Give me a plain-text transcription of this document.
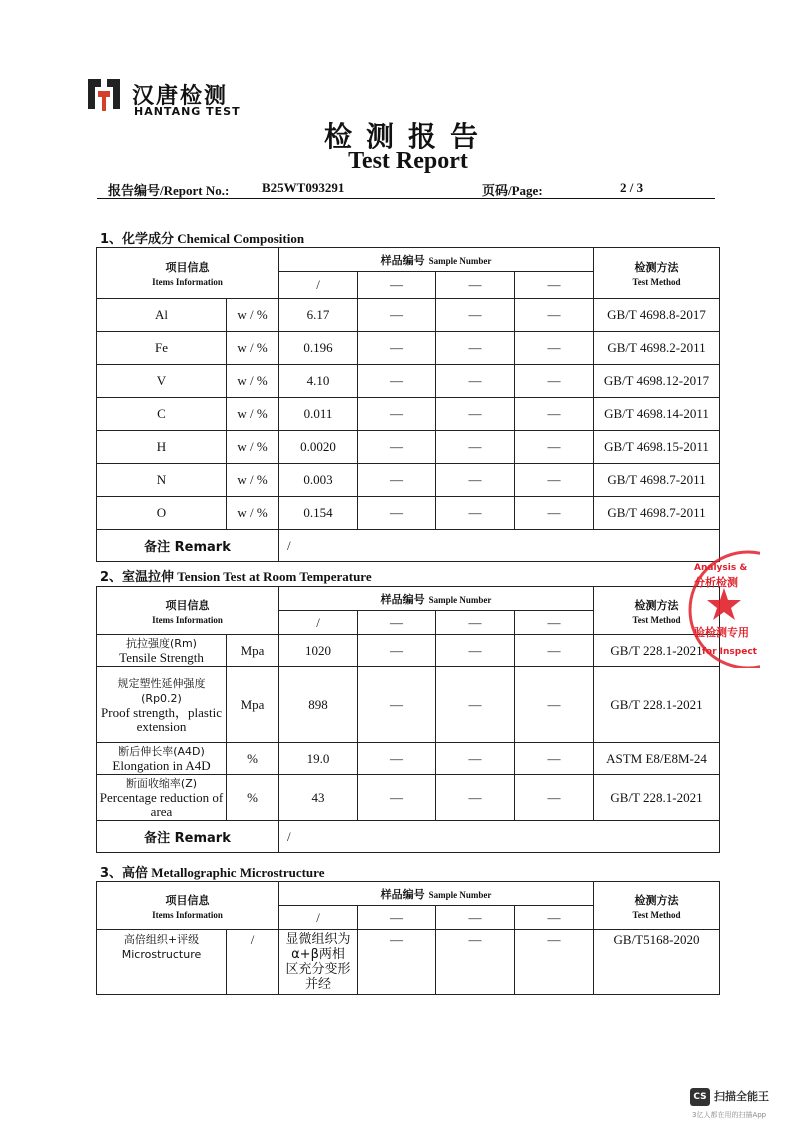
汉唐检测
HANTANG TEST
检测报告
Test Report
报告编号/Report No.:	B25WT093291	页码/Page:	2 / 3
1、化学成分 Chemical Composition
项目信息
Items Information		样品编号 Sample Number				检测方法
Test Method

		/	—	—	—	
Al	w / %	6.17	—	—	—	GB/T 4698.8-2017
Fe	w / %	0.196	—	—	—	GB/T 4698.2-2011
V	w / %	4.10	—	—	—	GB/T 4698.12-2017
C	w / %	0.011	—	—	—	GB/T 4698.14-2011
H	w / %	0.0020	—	—	—	GB/T 4698.15-2011
N	w / %	0.003	—	—	—	GB/T 4698.7-2011
O	w / %	0.154	—	—	—	GB/T 4698.7-2011
备注 Remark		/				
2、室温拉伸 Tension Test at Room Temperature
项目信息
Items Information		样品编号 Sample Number				检测方法
Test Method

		/	—	—	—	
抗拉强度(Rm)
Tensile Strength	Mpa	1020	—	—	—	GB/T 228.1-2021
规定塑性延伸强度
(Rp0.2)
Proof strength，plastic extension	Mpa	898	—	—	—	GB/T 228.1-2021
断后伸长率(A4D)
Elongation in A4D	%	19.0	—	—	—	ASTM E8/E8M-24
断面收缩率(Z)
Percentage reduction of area	%	43	—	—	—	GB/T 228.1-2021
备注 Remark		/				
3、高倍 Metallographic Microstructure
项目信息
Items Information		样品编号 Sample Number				检测方法
Test Method

		/	—	—	—	
高倍组织+评级
Microstructure	/	显微组织为α+β两相区充分变形并经	—	—	—	GB/T5168-2020
Analysis &
分析检测
验检测专用
for Inspect
CS 扫描全能王
3亿人都在用的扫描App
